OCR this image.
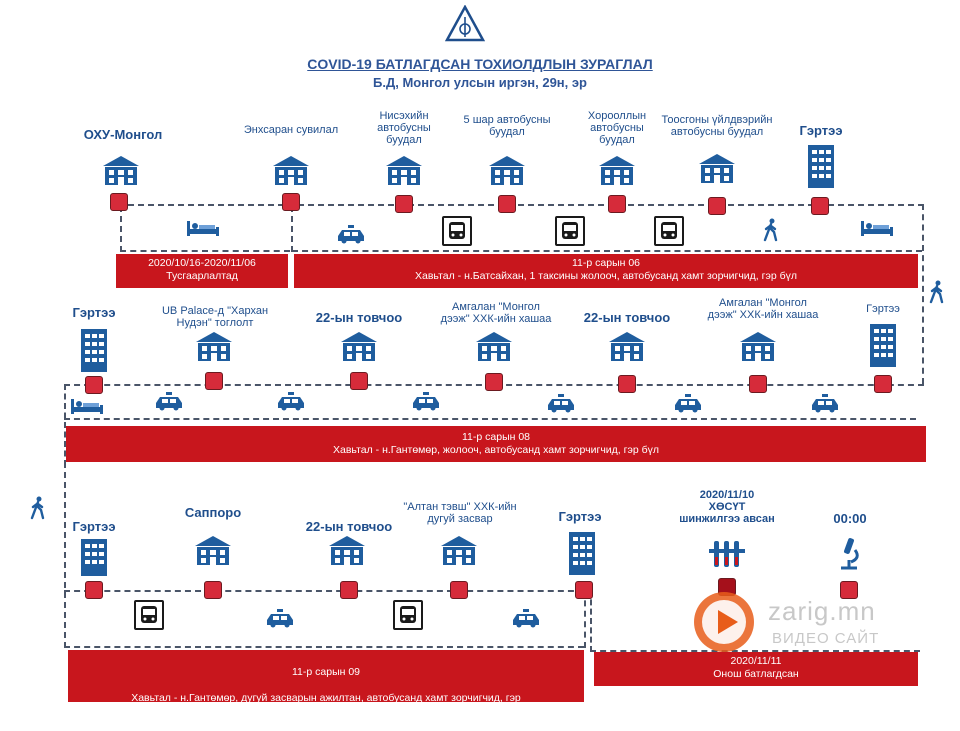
COVID-19 БАТЛАГДСАН ТОХИОЛДЛЫН ЗУРАГЛАЛ
Б.Д, Монгол улсын иргэн, 29н, эр
ОХУ-Монгол	Энхсаран сувилал
Нисэхийн
автобусны
буудал
5 шар автобусны
буудал
Хорооллын
автобусны
буудал
Тоосгоны үйлдвэрийн
автобусны буудал	Гэртээ
2020/10/16-2020/11/06
Тусгаарлалтад
11-р сарын 06
Хавьтал - н.Батсайхан, 1 таксины жолооч, автобусанд хамт зорчигчид, гэр бүл
Гэртээ	UB Palace-д "Хархан
Нудэн" тоглолт	22-ын товчоо
Амгалан "Монгол
дээж" ХХК-ийн хашаа 22-ын товчоо
Амгалан "Монгол
дээж" ХХК-ийн хашаа	Гэртээ
11-р сарын 08
Хавьтал - н.Гантөмөр, жолооч, автобусанд хамт зорчигчид, гэр бүл
Гэртээ
Саппоро
22-ын товчоо
"Алтан тэвш" ХХК-ийн
дугуй засвар	Гэртээ
2020/11/10
ХӨСҮТ
шинжилгээ авсан	00:00

11-р сарын 09

Хавьтал - н.Гантөмөр, дугуй засварын ажилтан, автобусанд хамт зорчигчид, гэр
бүл

2020/11/11
Онош батлагдсан
zarig.mn
ВИДЕО САЙТ
